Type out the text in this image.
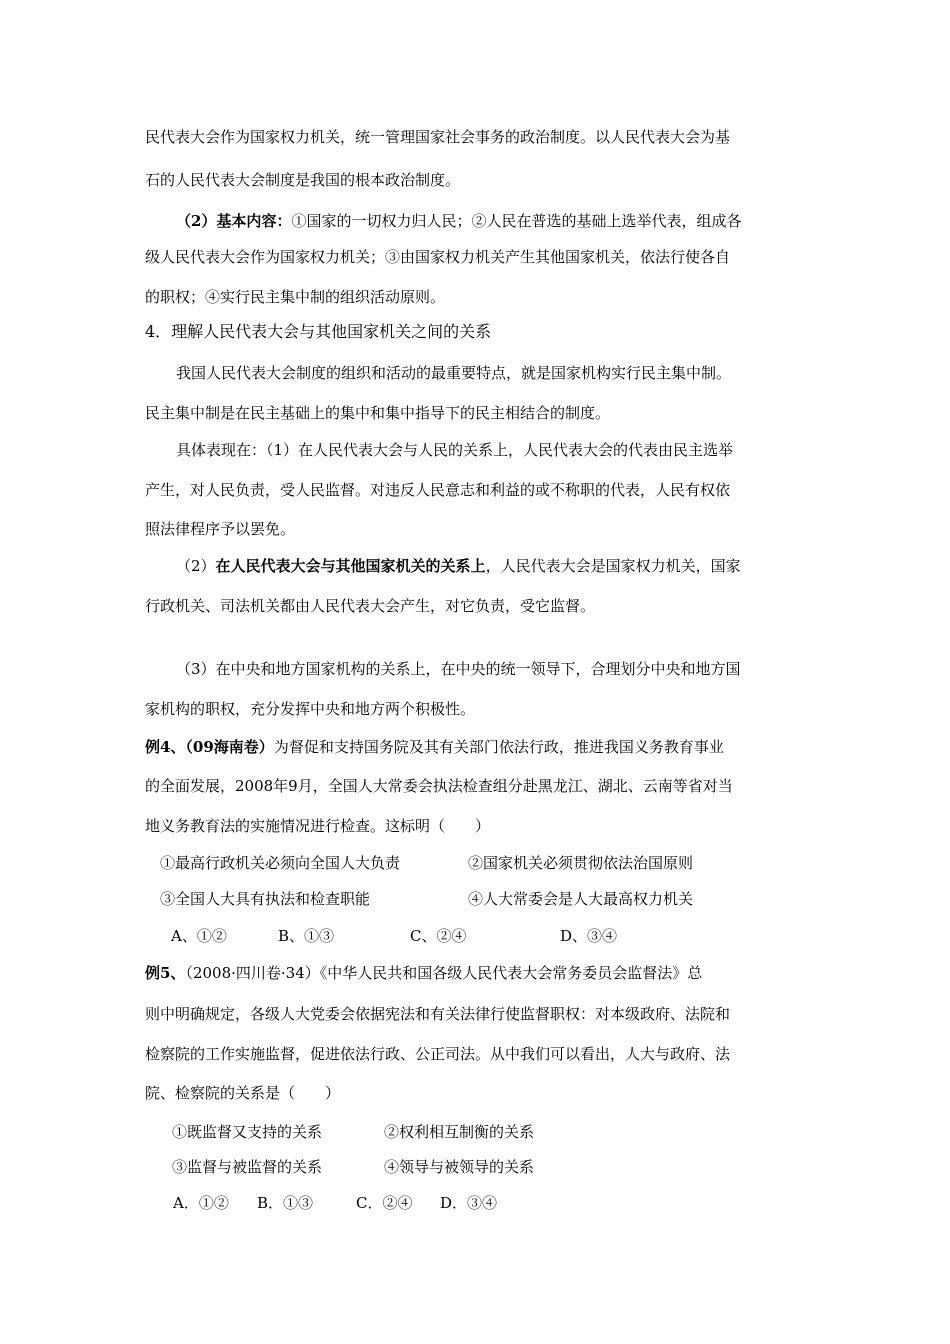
民代表大会作为国家权力机关，统一管理国家社会事务的政治制度。以人民代表大会为基
石的人民代表大会制度是我国的根本政治制度。
（2）基本内容：①国家的一切权力归人民；②人民在普选的基础上选举代表，组成各
级人民代表大会作为国家权力机关；③由国家权力机关产生其他国家机关，依法行使各自
的职权；④实行民主集中制的组织活动原则。
4．理解人民代表大会与其他国家机关之间的关系
我国人民代表大会制度的组织和活动的最重要特点，就是国家机构实行民主集中制。
民主集中制是在民主基础上的集中和集中指导下的民主相结合的制度。
具体表现在：（1）在人民代表大会与人民的关系上，人民代表大会的代表由民主选举
产生，对人民负责，受人民监督。对违反人民意志和利益的或不称职的代表，人民有权依
照法律程序予以罢免。
（2）在人民代表大会与其他国家机关的关系上，人民代表大会是国家权力机关，国家
行政机关、司法机关都由人民代表大会产生，对它负责，受它监督。
（3）在中央和地方国家机构的关系上，在中央的统一领导下，合理划分中央和地方国
家机构的职权，充分发挥中央和地方两个积极性。
例4、（09海南卷）为督促和支持国务院及其有关部门依法行政，推进我国义务教育事业
的全面发展，2008年9月，全国人大常委会执法检查组分赴黑龙江、湖北、云南等省对当
地义务教育法的实施情况进行检查。这标明（　　）
①最高行政机关必须向全国人大负责	②国家机关必须贯彻依法治国原则
③全国人大具有执法和检查职能	④人大常委会是人大最高权力机关
A、①②	B、①③	C、②④	D、③④
例5、（2008·四川卷·34）《中华人民共和国各级人民代表大会常务委员会监督法》总
则中明确规定，各级人大党委会依据宪法和有关法律行使监督职权：对本级政府、法院和
检察院的工作实施监督，促进依法行政、公正司法。从中我们可以看出，人大与政府、法
院、检察院的关系是（　　）
①既监督又支持的关系	②权利相互制衡的关系
③监督与被监督的关系	④领导与被领导的关系
A．①②	B．①③	C．②④	D．③④
